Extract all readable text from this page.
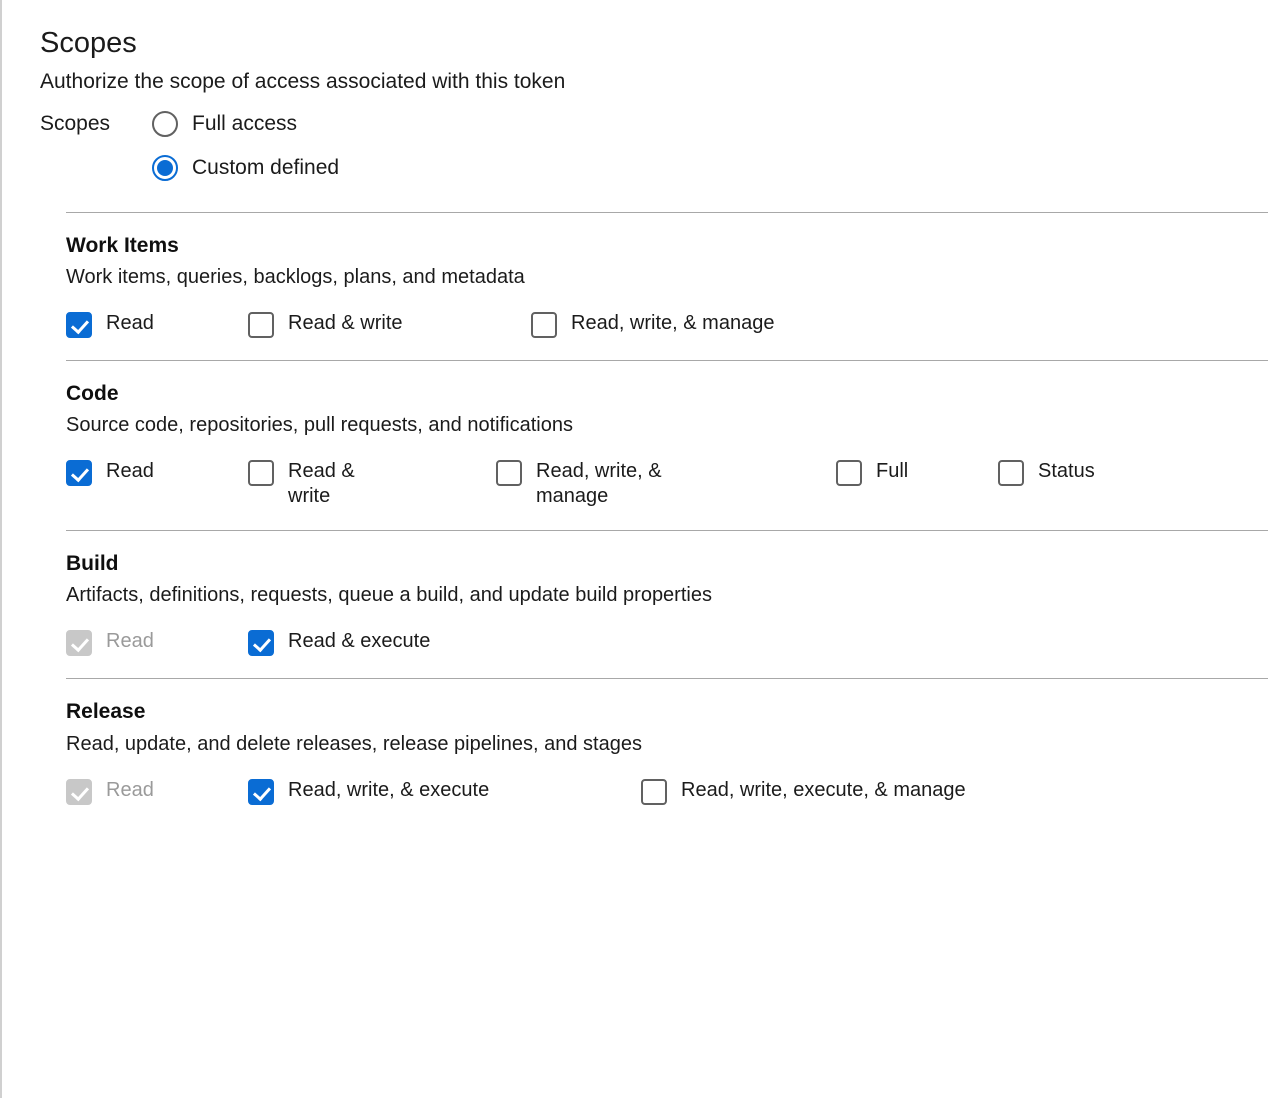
Scopes
Authorize the scope of access associated with this token
Scopes	Full access
Custom defined
Work Items
Work items, queries, backlogs, plans, and metadata
Read	Read & write	Read, write, & manage
Code
Source code, repositories, pull requests, and notifications
Read	Read & write
Read, write, & manage
Full	Status
Build
Artifacts, definitions, requests, queue a build, and update build properties
Read	Read & execute
Release
Read, update, and delete releases, release pipelines, and stages
Read	Read, write, & execute	Read, write, execute, & manage
